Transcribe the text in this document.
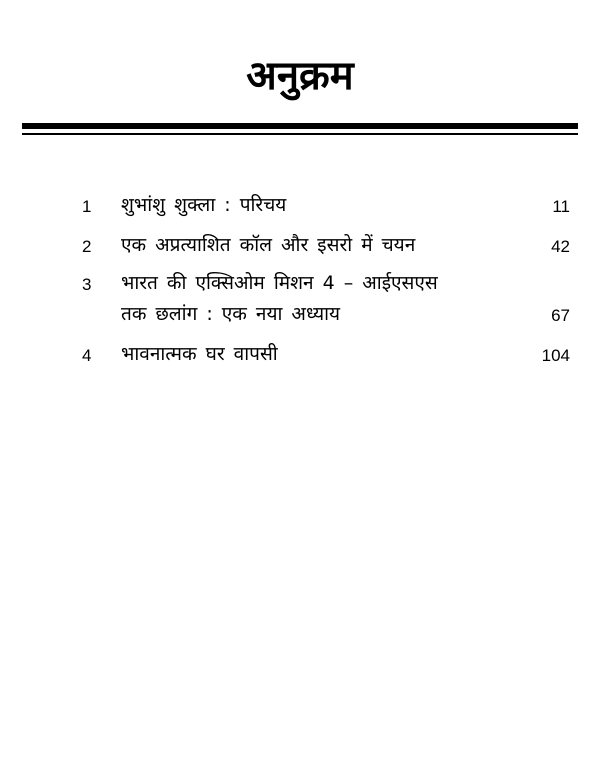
अनुक्रम
1	शुभांशु शुक्ला : परिचय	11
2	एक अप्रत्याशित कॉल और इसरो में चयन	42
3	भारत की एक्सिओम मिशन 4 – आईएसएस
तक छलांग : एक नया अध्याय	67
4	भावनात्मक घर वापसी	104
